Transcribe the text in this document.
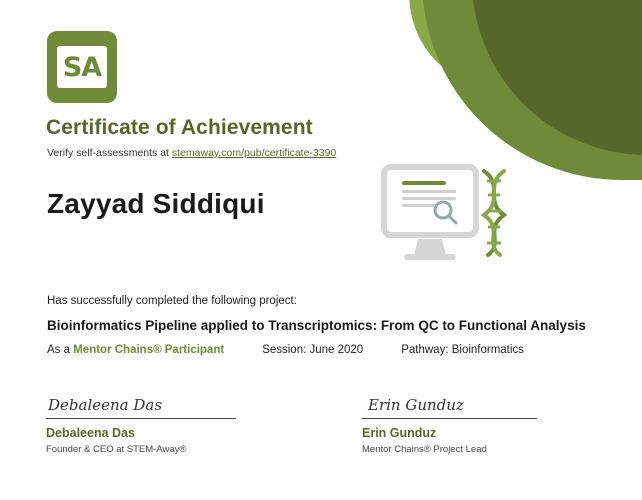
SA
Certificate of Achievement
Verify self-assessments at stemaway.com/pub/certificate-3390
Zayyad Siddiqui
Has successfully completed the following project:
Bioinformatics Pipeline applied to Transcriptomics: From QC to Functional Analysis
As a Mentor Chains® Participant	Session: June 2020	Pathway: Bioinformatics
Debaleena Das
Debaleena Das
Founder & CEO at STEM-Away®
Erin Gunduz
Erin Gunduz
Mentor Chains® Project Lead
